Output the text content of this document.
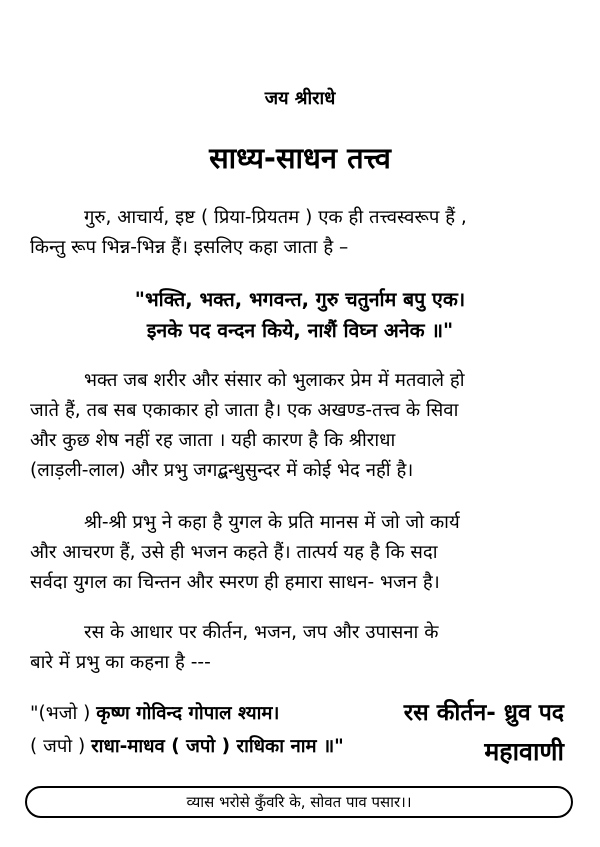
जय श्रीराधे
साध्य-साधन तत्त्व
गुरु, आचार्य, इष्ट ( प्रिया-प्रियतम ) एक ही तत्त्वस्वरूप हैं ,
किन्तु रूप भिन्न-भिन्न हैं। इसलिए कहा जाता है –
"भक्ति, भक्त, भगवन्त, गुरु चतुर्नाम बपु एक।
इनके पद वन्दन किये, नाशैं विघ्न अनेक ॥"
भक्त जब शरीर और संसार को भुलाकर प्रेम में मतवाले हो
जाते हैं, तब सब एकाकार हो जाता है। एक अखण्ड-तत्त्व के सिवा
और कुछ शेष नहीं रह जाता । यही कारण है कि श्रीराधा
(लाड़ली-लाल) और प्रभु जगद्बन्धुसुन्दर में कोई भेद नहीं है।
श्री-श्री प्रभु ने कहा है युगल के प्रति मानस में जो जो कार्य
और आचरण हैं, उसे ही भजन कहते हैं। तात्पर्य यह है कि सदा
सर्वदा युगल का चिन्तन और स्मरण ही हमारा साधन- भजन है।
रस के आधार पर कीर्तन, भजन, जप और उपासना के
बारे में प्रभु का कहना है ---
"(भजो ) कृष्ण गोविन्द गोपाल श्याम।
( जपो ) राधा-माधव ( जपो ) राधिका नाम ॥"
रस कीर्तन- ध्रुव पद
महावाणी
व्यास भरोसे कुँवरि के, सोवत पाव पसार।।
